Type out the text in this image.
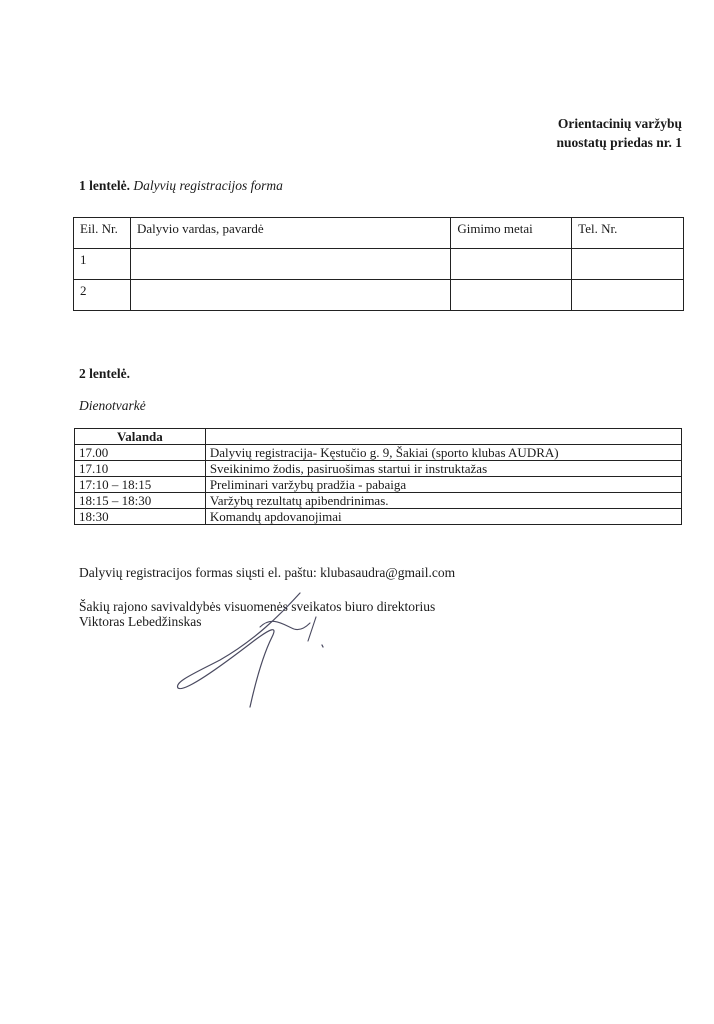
Orientacinių varžybų
nuostatų priedas nr. 1
1 lentelė. Dalyvių registracijos forma
Eil. Nr.	Dalyvio vardas, pavardė	Gimimo metai	Tel. Nr.
1			
2			
2 lentelė.
Dienotvarkė
Valanda	
17.00	Dalyvių registracija- Kęstučio g. 9, Šakiai (sporto klubas AUDRA)
17.10	Sveikinimo žodis, pasiruošimas startui ir instruktažas
17:10 – 18:15	Preliminari varžybų pradžia - pabaiga
18:15 – 18:30	Varžybų rezultatų apibendrinimas.
18:30	Komandų apdovanojimai
Dalyvių registracijos formas siųsti el. paštu: klubasaudra@gmail.com
Šakių rajono savivaldybės visuomenės sveikatos biuro direktorius
Viktoras Lebedžinskas
